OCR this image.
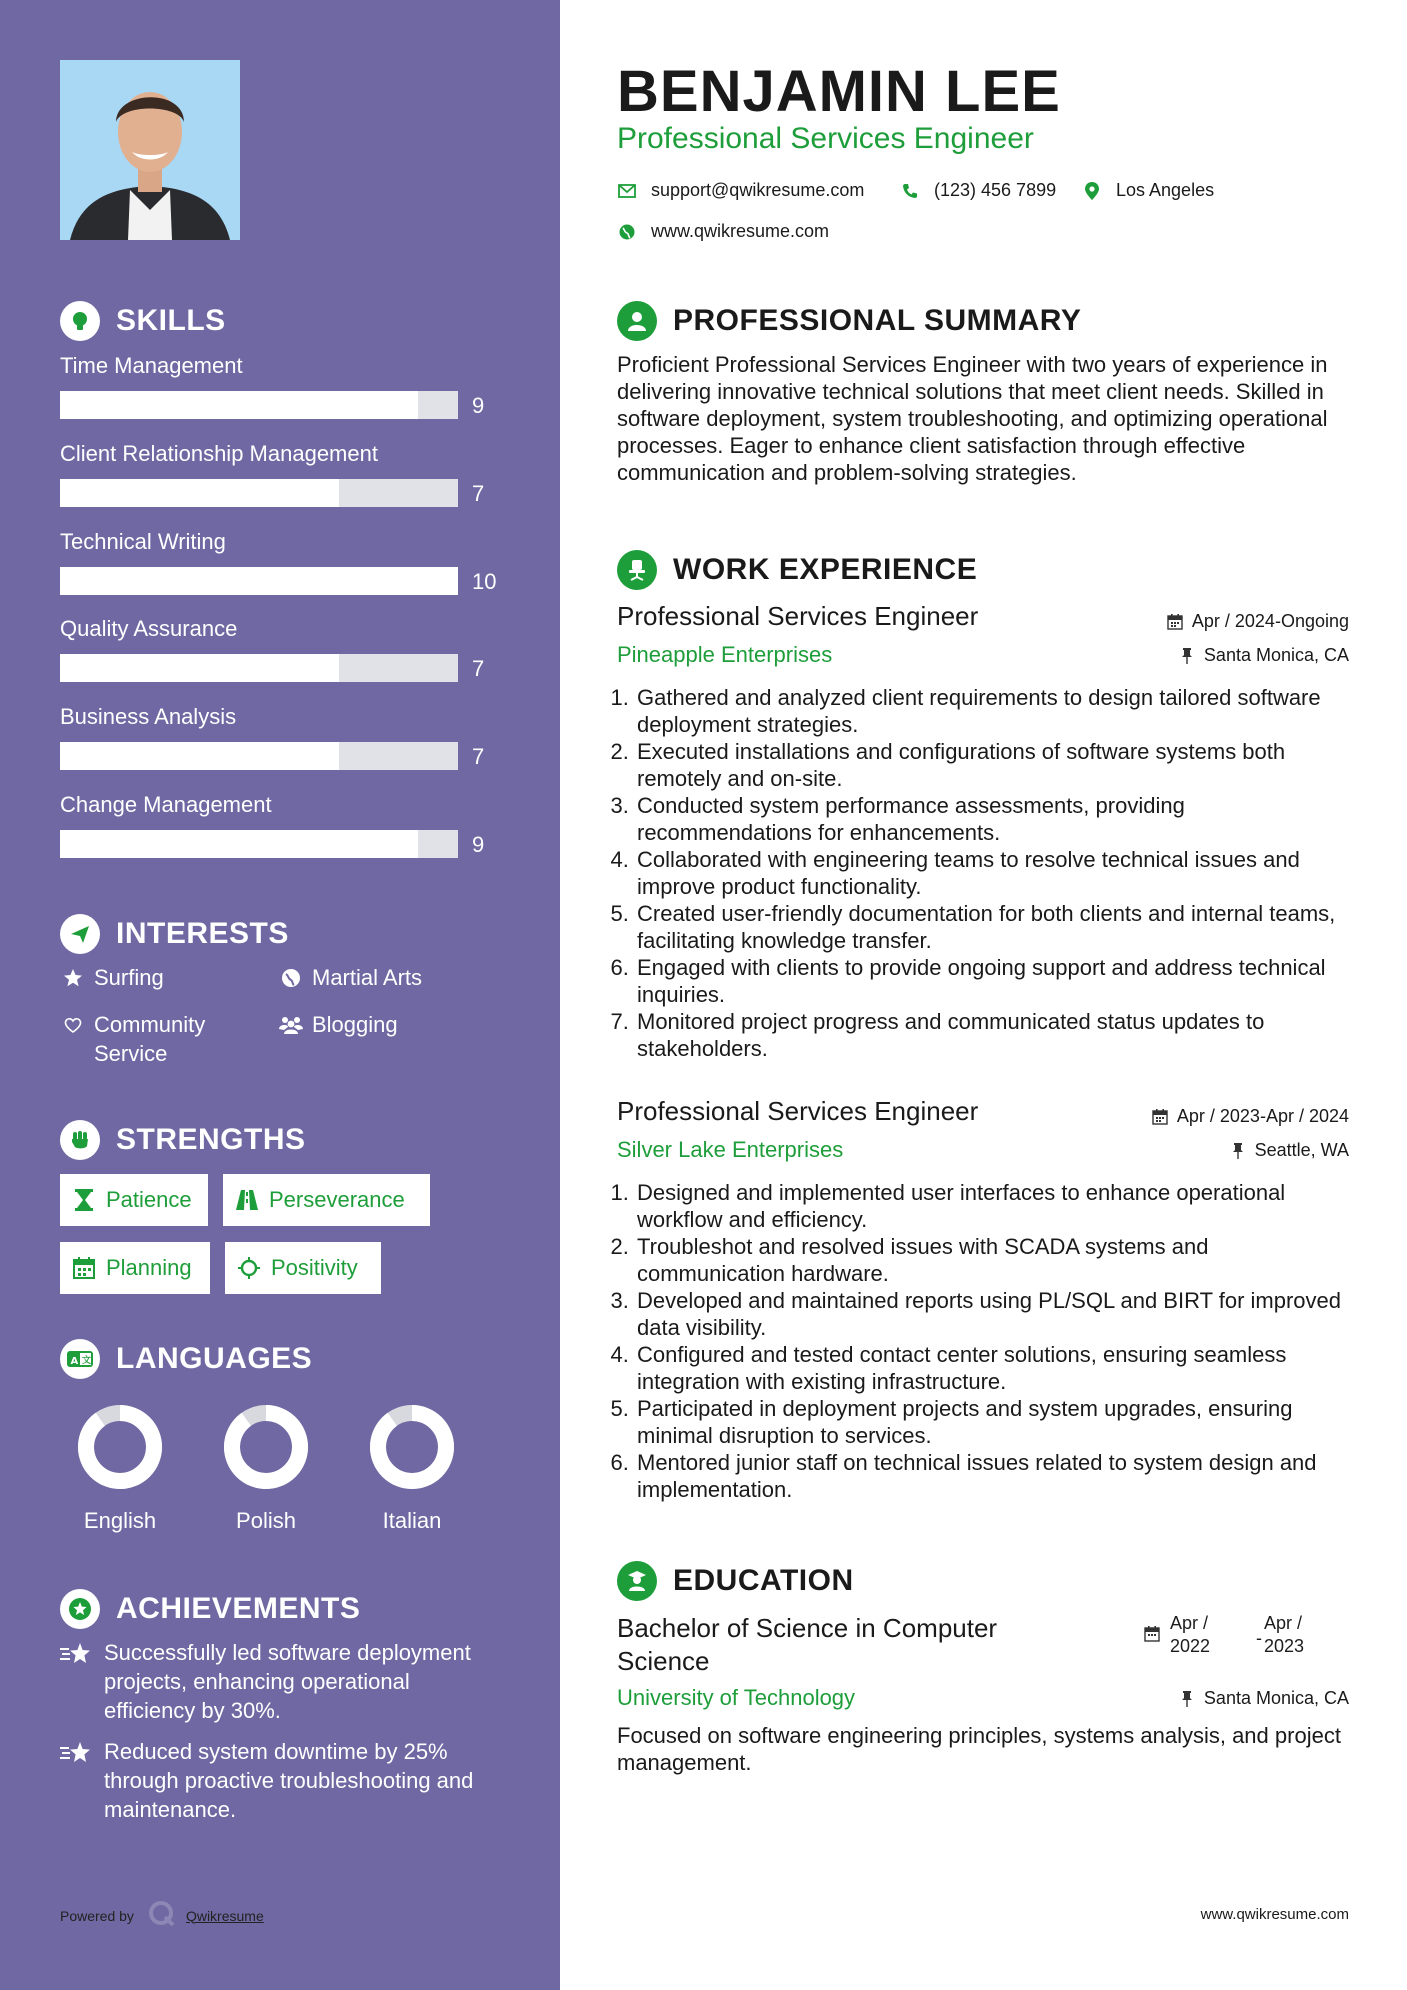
SKILLS
Time Management
9
Client Relationship Management
7
Technical Writing
10
Quality Assurance
7
Business Analysis
7
Change Management
9
INTERESTS
Surfing	Martial Arts
Community Service
Blogging
STRENGTHS
Patience	Perseverance
Planning	Positivity
A 文 LANGUAGES
English	Polish	Italian
ACHIEVEMENTS
Successfully led software deployment projects, enhancing operational efficiency by 30%.
Reduced system downtime by 25% through proactive troubleshooting and maintenance.
Powered by	Qwikresume
BENJAMIN LEE
Professional Services Engineer
support@qwikresume.com	(123) 456 7899	Los Angeles
www.qwikresume.com
PROFESSIONAL SUMMARY
Proficient Professional Services Engineer with two years of experience in delivering innovative technical solutions that meet client needs. Skilled in software deployment, system troubleshooting, and optimizing operational processes. Eager to enhance client satisfaction through effective communication and problem-solving strategies.
WORK EXPERIENCE
Professional Services Engineer	Apr / 2024-Ongoing
Pineapple Enterprises	Santa Monica, CA
1. Gathered and analyzed client requirements to design tailored software deployment strategies.
2. Executed installations and configurations of software systems both remotely and on-site.
3. Conducted system performance assessments, providing recommendations for enhancements.
4. Collaborated with engineering teams to resolve technical issues and improve product functionality.
5. Created user-friendly documentation for both clients and internal teams, facilitating knowledge transfer.
6. Engaged with clients to provide ongoing support and address technical inquiries.
7. Monitored project progress and communicated status updates to stakeholders.
Professional Services Engineer	Apr / 2023-Apr / 2024
Silver Lake Enterprises	Seattle, WA
1. Designed and implemented user interfaces to enhance operational workflow and efficiency.
2. Troubleshot and resolved issues with SCADA systems and communication hardware.
3. Developed and maintained reports using PL/SQL and BIRT for improved data visibility.
4. Configured and tested contact center solutions, ensuring seamless integration with existing infrastructure.
5. Participated in deployment projects and system upgrades, ensuring minimal disruption to services.
6. Mentored junior staff on technical issues related to system design and implementation.
EDUCATION
Bachelor of Science in Computer Science
Apr /
2022	-
Apr /
2023
University of Technology	Santa Monica, CA
Focused on software engineering principles, systems analysis, and project management.
www.qwikresume.com
